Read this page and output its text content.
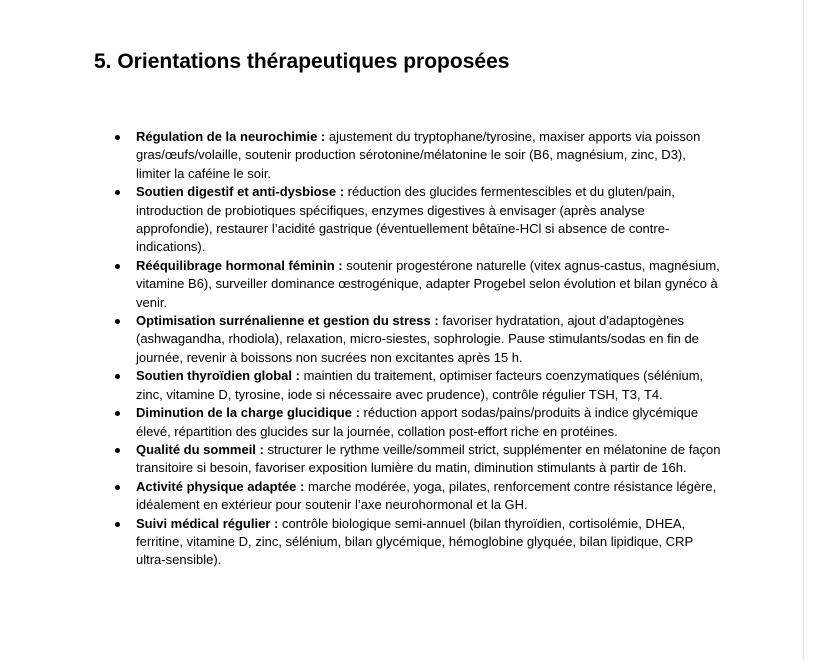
5. Orientations thérapeutiques proposées
Régulation de la neurochimie : ajustement du tryptophane/tyrosine, maxiser apports via poisson gras/œufs/volaille, soutenir production sérotonine/mélatonine le soir (B6, magnésium, zinc, D3), limiter la caféine le soir.
Soutien digestif et anti-dysbiose : réduction des glucides fermentescibles et du gluten/pain, introduction de probiotiques spécifiques, enzymes digestives à envisager (après analyse approfondie), restaurer l’acidité gastrique (éventuellement bêtaïne-HCl si absence de contre-indications).
Rééquilibrage hormonal féminin : soutenir progestérone naturelle (vitex agnus-castus, magnésium, vitamine B6), surveiller dominance œstrogénique, adapter Progebel selon évolution et bilan gynéco à venir.
Optimisation surrénalienne et gestion du stress : favoriser hydratation, ajout d'adaptogènes (ashwagandha, rhodiola), relaxation, micro-siestes, sophrologie. Pause stimulants/sodas en fin de journée, revenir à boissons non sucrées non excitantes après 15 h.
Soutien thyroïdien global : maintien du traitement, optimiser facteurs coenzymatiques (sélénium, zinc, vitamine D, tyrosine, iode si nécessaire avec prudence), contrôle régulier TSH, T3, T4.
Diminution de la charge glucidique : réduction apport sodas/pains/produits à indice glycémique élevé, répartition des glucides sur la journée, collation post-effort riche en protéines.
Qualité du sommeil : structurer le rythme veille/sommeil strict, supplémenter en mélatonine de façon transitoire si besoin, favoriser exposition lumière du matin, diminution stimulants à partir de 16h.
Activité physique adaptée : marche modérée, yoga, pilates, renforcement contre résistance légère, idéalement en extérieur pour soutenir l’axe neurohormonal et la GH.
Suivi médical régulier : contrôle biologique semi-annuel (bilan thyroïdien, cortisolémie, DHEA, ferritine, vitamine D, zinc, sélénium, bilan glycémique, hémoglobine glyquée, bilan lipidique, CRP ultra-sensible).
